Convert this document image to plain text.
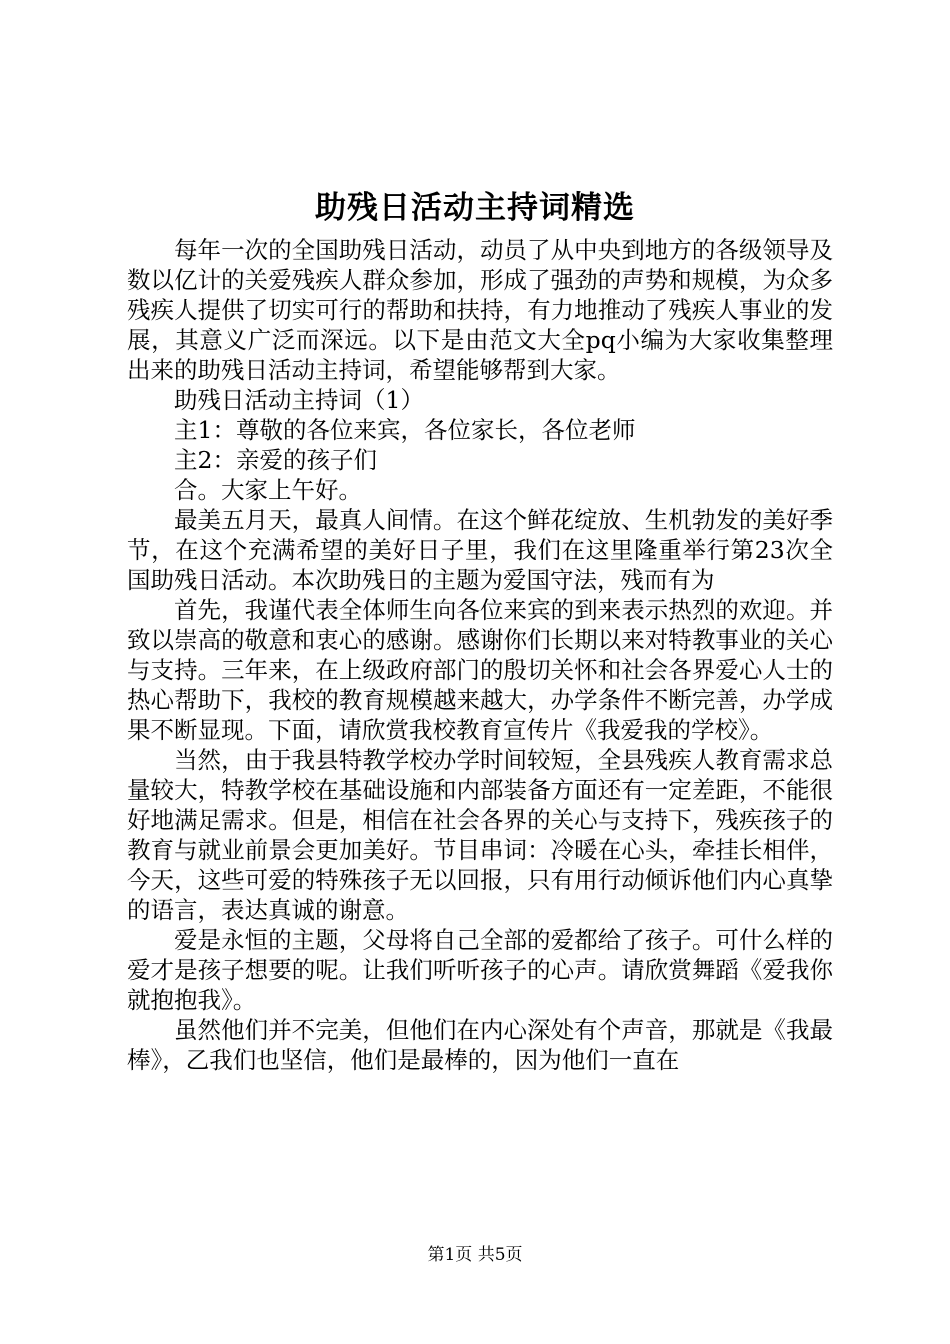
助残日活动主持词精选

每年一次的全国助残日活动，动员了从中央到地方的各级领导及数以亿计的关爱残疾人群众参加，形成了强劲的声势和规模，为众多残疾人提供了切实可行的帮助和扶持，有力地推动了残疾人事业的发展，其意义广泛而深远。以下是由范文大全pq小编为大家收集整理出来的助残日活动主持词，希望能够帮到大家。

助残日活动主持词（1）

主1：尊敬的各位来宾，各位家长，各位老师

主2：亲爱的孩子们

合。大家上午好。

最美五月天，最真人间情。在这个鲜花绽放、生机勃发的美好季节，在这个充满希望的美好日子里，我们在这里隆重举行第23次全国助残日活动。本次助残日的主题为爱国守法，残而有为

首先，我谨代表全体师生向各位来宾的到来表示热烈的欢迎。并致以崇高的敬意和衷心的感谢。感谢你们长期以来对特教事业的关心与支持。三年来，在上级政府部门的殷切关怀和社会各界爱心人士的热心帮助下，我校的教育规模越来越大，办学条件不断完善，办学成果不断显现。下面，请欣赏我校教育宣传片《我爱我的学校》。

当然，由于我县特教学校办学时间较短，全县残疾人教育需求总量较大，特教学校在基础设施和内部装备方面还有一定差距，不能很好地满足需求。但是，相信在社会各界的关心与支持下，残疾孩子的教育与就业前景会更加美好。节目串词：冷暖在心头，牵挂长相伴，今天，这些可爱的特殊孩子无以回报，只有用行动倾诉他们内心真挚的语言，表达真诚的谢意。

爱是永恒的主题，父母将自己全部的爱都给了孩子。可什么样的爱才是孩子想要的呢。让我们听听孩子的心声。请欣赏舞蹈《爱我你就抱抱我》。

虽然他们并不完美，但他们在内心深处有个声音，那就是《我最棒》，乙我们也坚信，他们是最棒的，因为他们一直在

第1页 共5页
